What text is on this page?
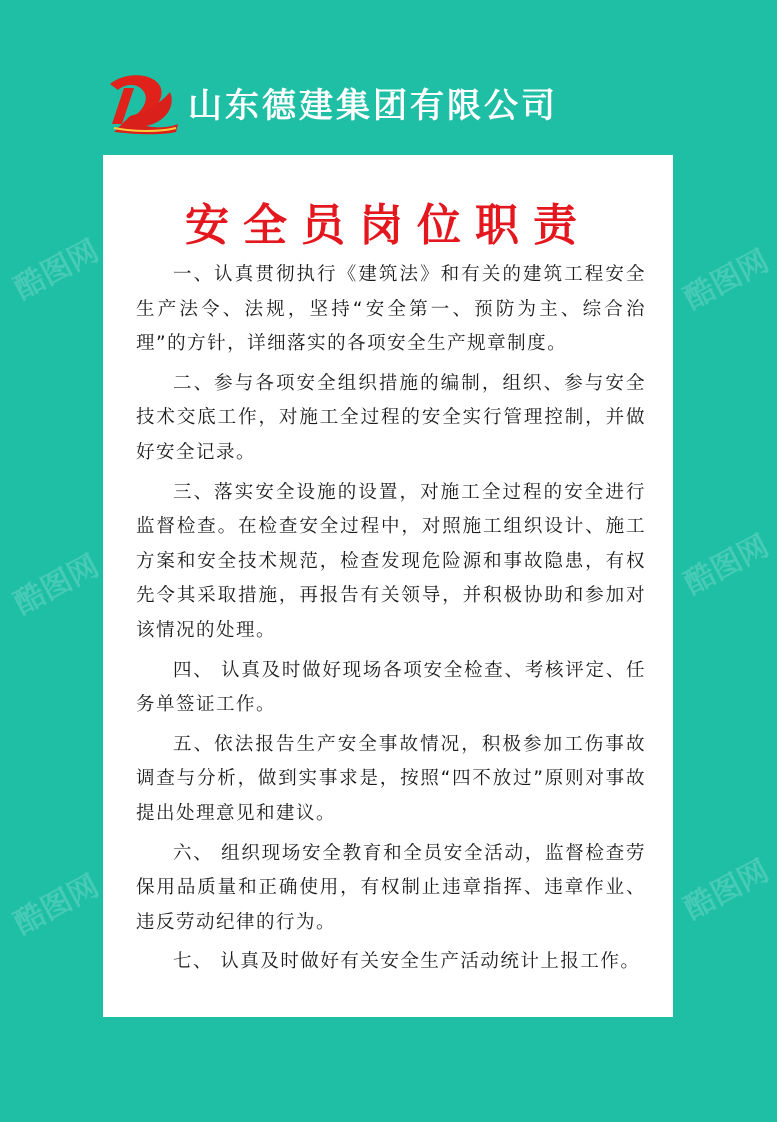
山东德建集团有限公司
安全员岗位职责

一、认真贯彻执行《建筑法》和有关的建筑工程安全生产法令、法规，坚持“安全第一、预防为主、综合治理”的方针，详细落实的各项安全生产规章制度。

二、参与各项安全组织措施的编制，组织、参与安全技术交底工作，对施工全过程的安全实行管理控制，并做好安全记录。

三、落实安全设施的设置，对施工全过程的安全进行监督检查。在检查安全过程中，对照施工组织设计、施工方案和安全技术规范，检查发现危险源和事故隐患，有权先令其采取措施，再报告有关领导，并积极协助和参加对该情况的处理。

四、 认真及时做好现场各项安全检查、考核评定、任务单签证工作。

五、依法报告生产安全事故情况，积极参加工伤事故调查与分析，做到实事求是，按照“四不放过”原则对事故提出处理意见和建议。

六、 组织现场安全教育和全员安全活动，监督检查劳保用品质量和正确使用，有权制止违章指挥、违章作业、违反劳动纪律的行为。

七、 认真及时做好有关安全生产活动统计上报工作。

酷图网	酷图网
酷图网	酷图网
酷图网	酷图网
